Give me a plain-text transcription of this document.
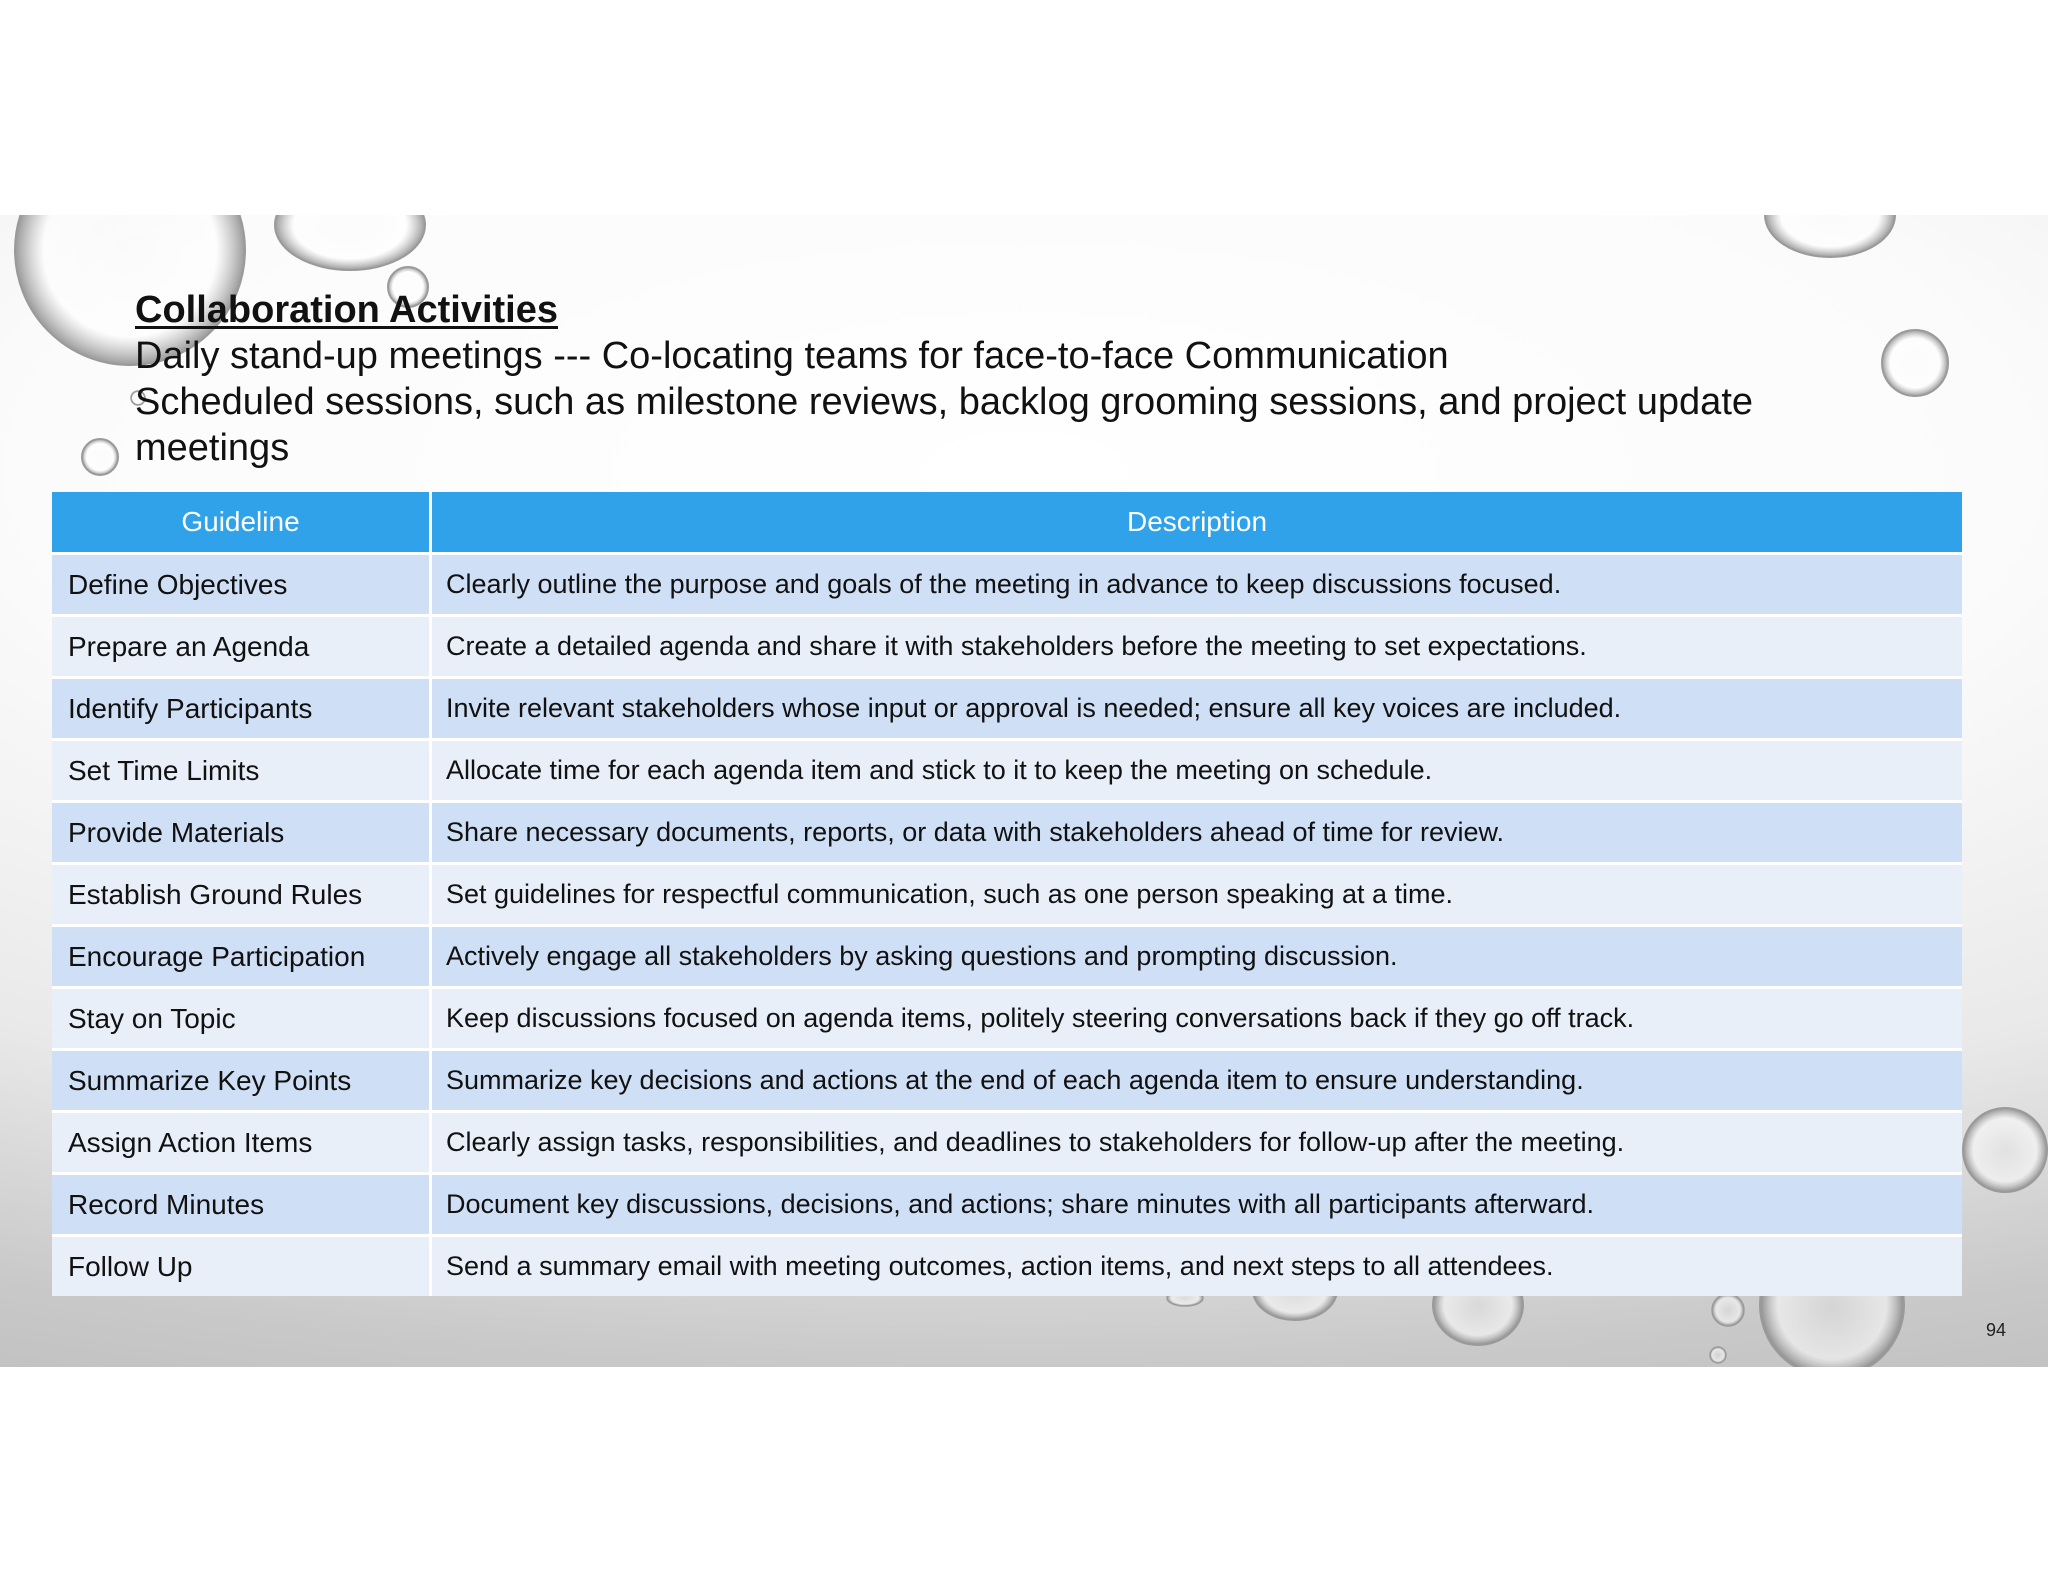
Collaboration Activities
Daily stand-up meetings --- Co-locating teams for face-to-face Communication
Scheduled sessions, such as milestone reviews, backlog grooming sessions, and project update
meetings
Guideline	Description
Define Objectives	Clearly outline the purpose and goals of the meeting in advance to keep discussions focused.
Prepare an Agenda	Create a detailed agenda and share it with stakeholders before the meeting to set expectations.
Identify Participants	Invite relevant stakeholders whose input or approval is needed; ensure all key voices are included.
Set Time Limits	Allocate time for each agenda item and stick to it to keep the meeting on schedule.
Provide Materials	Share necessary documents, reports, or data with stakeholders ahead of time for review.
Establish Ground Rules	Set guidelines for respectful communication, such as one person speaking at a time.
Encourage Participation	Actively engage all stakeholders by asking questions and prompting discussion.
Stay on Topic	Keep discussions focused on agenda items, politely steering conversations back if they go off track.
Summarize Key Points	Summarize key decisions and actions at the end of each agenda item to ensure understanding.
Assign Action Items	Clearly assign tasks, responsibilities, and deadlines to stakeholders for follow-up after the meeting.
Record Minutes	Document key discussions, decisions, and actions; share minutes with all participants afterward.
Follow Up	Send a summary email with meeting outcomes, action items, and next steps to all attendees.
94
